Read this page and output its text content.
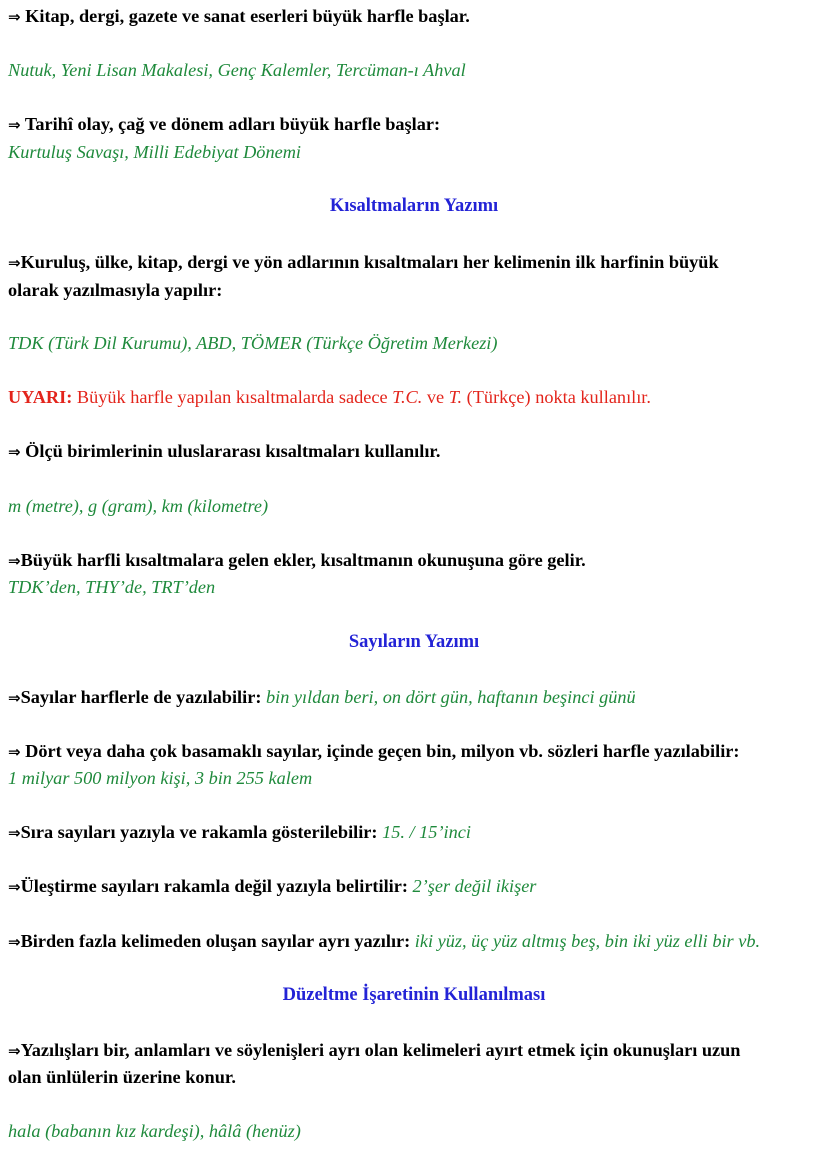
⇒ Kitap, dergi, gazete ve sanat eserleri büyük harfle başlar.
Nutuk, Yeni Lisan Makalesi, Genç Kalemler, Tercüman-ı Ahval
⇒ Tarihî olay, çağ ve dönem adları büyük harfle başlar:
Kurtuluş Savaşı, Milli Edebiyat Dönemi
Kısaltmaların Yazımı
⇒Kuruluş, ülke, kitap, dergi ve yön adlarının kısaltmaları her kelimenin ilk harfinin büyük
olarak yazılmasıyla yapılır:
TDK (Türk Dil Kurumu), ABD, TÖMER (Türkçe Öğretim Merkezi)
UYARI: Büyük harfle yapılan kısaltmalarda sadece T.C. ve T. (Türkçe) nokta kullanılır.
⇒ Ölçü birimlerinin uluslararası kısaltmaları kullanılır.
m (metre), g (gram), km (kilometre)
⇒Büyük harfli kısaltmalara gelen ekler, kısaltmanın okunuşuna göre gelir.
TDK’den, THY’de, TRT’den
Sayıların Yazımı
⇒Sayılar harflerle de yazılabilir: bin yıldan beri, on dört gün, haftanın beşinci günü
⇒ Dört veya daha çok basamaklı sayılar, içinde geçen bin, milyon vb. sözleri harfle yazılabilir:
1 milyar 500 milyon kişi, 3 bin 255 kalem
⇒Sıra sayıları yazıyla ve rakamla gösterilebilir: 15. / 15’inci
⇒Üleştirme sayıları rakamla değil yazıyla belirtilir: 2’şer değil ikişer
⇒Birden fazla kelimeden oluşan sayılar ayrı yazılır: iki yüz, üç yüz altmış beş, bin iki yüz elli bir vb.
Düzeltme İşaretinin Kullanılması
⇒Yazılışları bir, anlamları ve söylenişleri ayrı olan kelimeleri ayırt etmek için okunuşları uzun
olan ünlülerin üzerine konur.
hala (babanın kız kardeşi), hâlâ (henüz)
